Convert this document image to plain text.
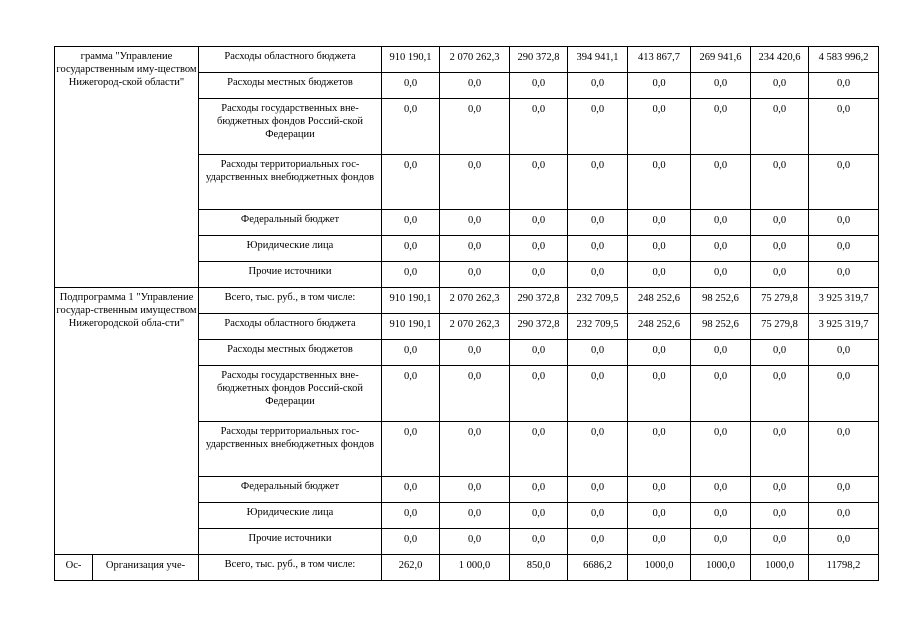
грамма "Управление государственным иму-ществом Нижегород-ской области"		Расходы областного бюджета	910 190,1	2 070 262,3	290 372,8	394 941,1	413 867,7	269 941,6	234 420,6	4 583 996,2
		Расходы местных бюджетов	0,0	0,0	0,0	0,0	0,0	0,0	0,0	0,0
		Расходы государственных вне-бюджетных фондов Россий-ской Федерации	0,0	0,0	0,0	0,0	0,0	0,0	0,0	0,0
		Расходы территориальных гос-ударственных внебюджетных фондов	0,0	0,0	0,0	0,0	0,0	0,0	0,0	0,0
		Федеральный бюджет	0,0	0,0	0,0	0,0	0,0	0,0	0,0	0,0
		Юридические лица	0,0	0,0	0,0	0,0	0,0	0,0	0,0	0,0
		Прочие источники	0,0	0,0	0,0	0,0	0,0	0,0	0,0	0,0
Подпрограмма 1 "Управление государ-ственным имуществом Нижегородской обла-сти"		Всего, тыс. руб., в том числе:	910 190,1	2 070 262,3	290 372,8	232 709,5	248 252,6	98 252,6	75 279,8	3 925 319,7
		Расходы областного бюджета	910 190,1	2 070 262,3	290 372,8	232 709,5	248 252,6	98 252,6	75 279,8	3 925 319,7
		Расходы местных бюджетов	0,0	0,0	0,0	0,0	0,0	0,0	0,0	0,0
		Расходы государственных вне-бюджетных фондов Россий-ской Федерации	0,0	0,0	0,0	0,0	0,0	0,0	0,0	0,0
		Расходы территориальных гос-ударственных внебюджетных фондов	0,0	0,0	0,0	0,0	0,0	0,0	0,0	0,0
		Федеральный бюджет	0,0	0,0	0,0	0,0	0,0	0,0	0,0	0,0
		Юридические лица	0,0	0,0	0,0	0,0	0,0	0,0	0,0	0,0
		Прочие источники	0,0	0,0	0,0	0,0	0,0	0,0	0,0	0,0
Ос-	Организация уче-	Всего, тыс. руб., в том числе:	262,0	1 000,0	850,0	6686,2	1000,0	1000,0	1000,0	11798,2
